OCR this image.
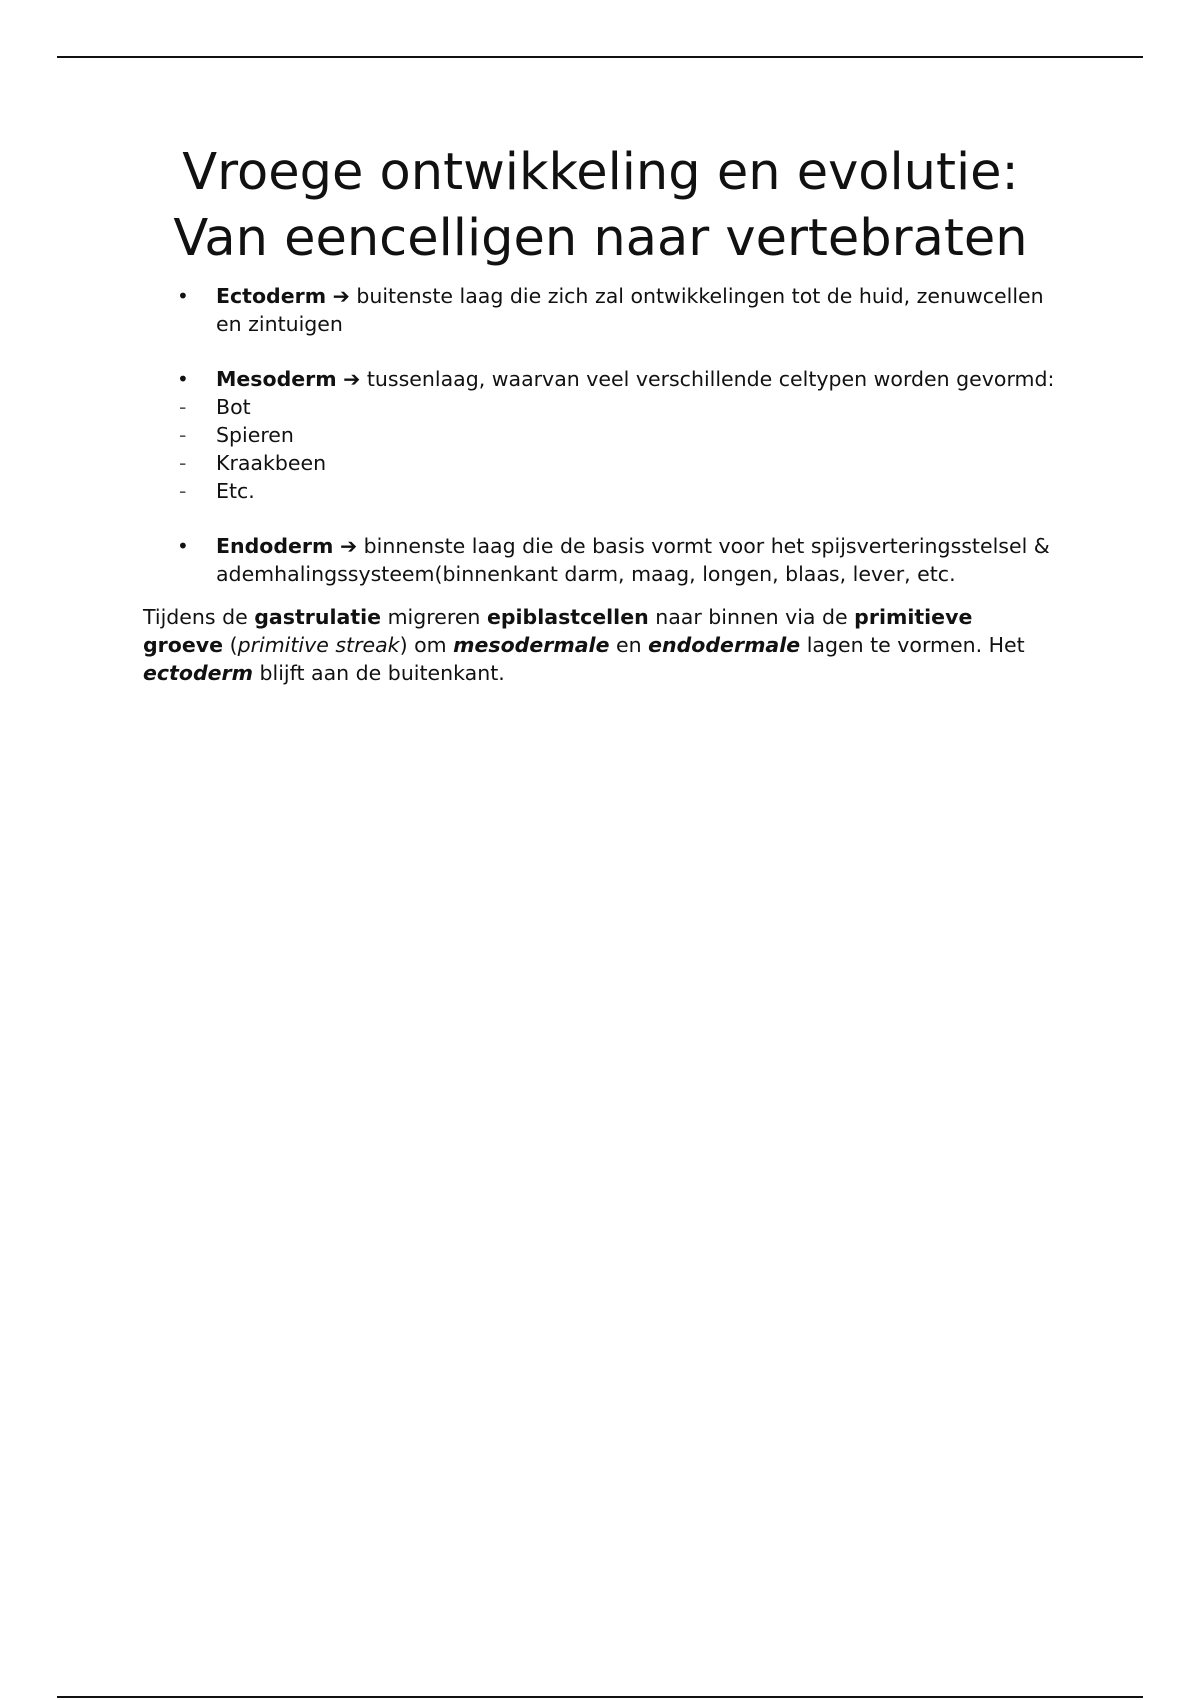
Vroege ontwikkeling en evolutie:
Van eencelligen naar vertebraten
• Ectoderm ➔ buitenste laag die zich zal ontwikkelingen tot de huid, zenuwcellen en zintuigen
• Mesoderm ➔ tussenlaag, waarvan veel verschillende celtypen worden gevormd:
- Bot
- Spieren
- Kraakbeen
- Etc.
• Endoderm ➔ binnenste laag die de basis vormt voor het spijsverteringsstelsel & ademhalingssysteem(binnenkant darm, maag, longen, blaas, lever, etc.

Tijdens de gastrulatie migreren epiblastcellen naar binnen via de primitieve groeve (primitive streak) om mesodermale en endodermale lagen te vormen. Het ectoderm blijft aan de buitenkant.
